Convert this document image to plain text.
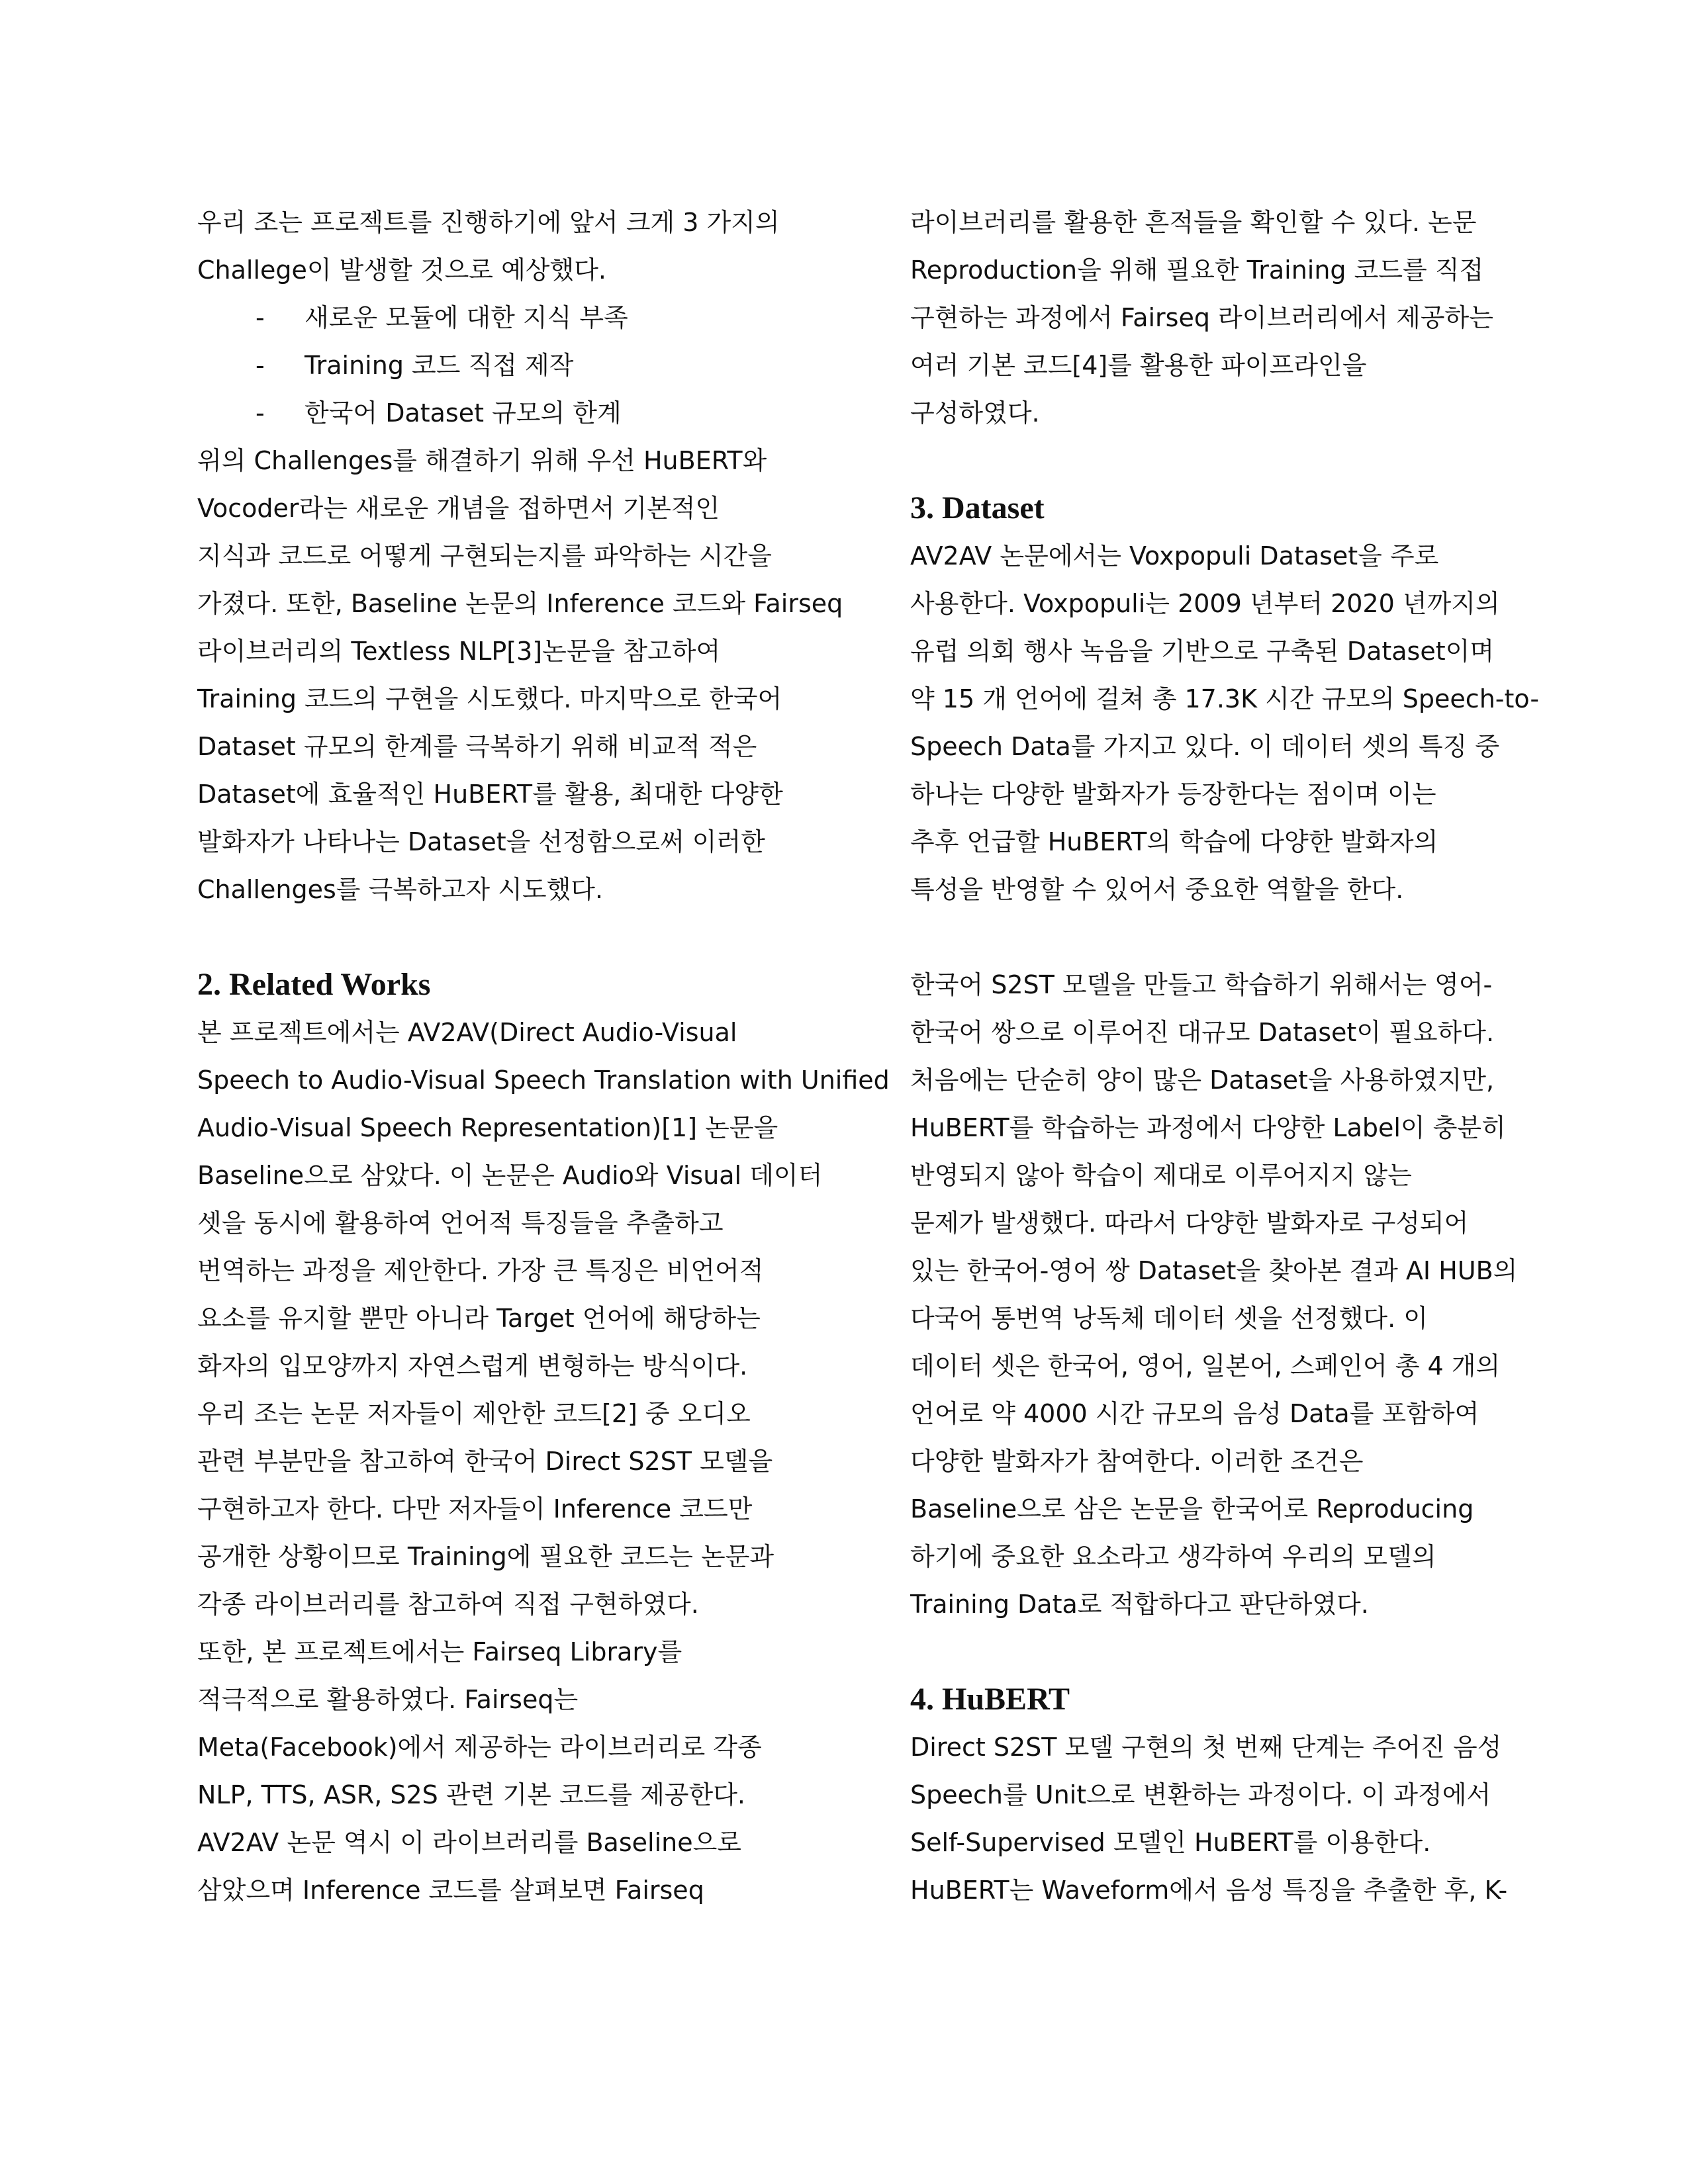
우리 조는 프로젝트를 진행하기에 앞서 크게 3 가지의
Challege이 발생할 것으로 예상했다.
-	새로운 모듈에 대한 지식 부족
-	Training 코드 직접 제작
-	한국어 Dataset 규모의 한계
위의 Challenges를 해결하기 위해 우선 HuBERT와
Vocoder라는 새로운 개념을 접하면서 기본적인
지식과 코드로 어떻게 구현되는지를 파악하는 시간을
가졌다. 또한, Baseline 논문의 Inference 코드와 Fairseq
라이브러리의 Textless NLP[3]논문을 참고하여
Training 코드의 구현을 시도했다. 마지막으로 한국어
Dataset 규모의 한계를 극복하기 위해 비교적 적은
Dataset에 효율적인 HuBERT를 활용, 최대한 다양한
발화자가 나타나는 Dataset을 선정함으로써 이러한
Challenges를 극복하고자 시도했다.
2. Related Works
본 프로젝트에서는 AV2AV(Direct Audio-Visual
Speech to Audio-Visual Speech Translation with Unified
Audio-Visual Speech Representation)[1] 논문을
Baseline으로 삼았다. 이 논문은 Audio와 Visual 데이터
셋을 동시에 활용하여 언어적 특징들을 추출하고
번역하는 과정을 제안한다. 가장 큰 특징은 비언어적
요소를 유지할 뿐만 아니라 Target 언어에 해당하는
화자의 입모양까지 자연스럽게 변형하는 방식이다.
우리 조는 논문 저자들이 제안한 코드[2] 중 오디오
관련 부분만을 참고하여 한국어 Direct S2ST 모델을
구현하고자 한다. 다만 저자들이 Inference 코드만
공개한 상황이므로 Training에 필요한 코드는 논문과
각종 라이브러리를 참고하여 직접 구현하였다.
또한, 본 프로젝트에서는 Fairseq Library를
적극적으로 활용하였다. Fairseq는
Meta(Facebook)에서 제공하는 라이브러리로 각종
NLP, TTS, ASR, S2S 관련 기본 코드를 제공한다.
AV2AV 논문 역시 이 라이브러리를 Baseline으로
삼았으며 Inference 코드를 살펴보면 Fairseq
라이브러리를 활용한 흔적들을 확인할 수 있다. 논문
Reproduction을 위해 필요한 Training 코드를 직접
구현하는 과정에서 Fairseq 라이브러리에서 제공하는
여러 기본 코드[4]를 활용한 파이프라인을
구성하였다.
3. Dataset
AV2AV 논문에서는 Voxpopuli Dataset을 주로
사용한다. Voxpopuli는 2009 년부터 2020 년까지의
유럽 의회 행사 녹음을 기반으로 구축된 Dataset이며
약 15 개 언어에 걸쳐 총 17.3K 시간 규모의 Speech-to-
Speech Data를 가지고 있다. 이 데이터 셋의 특징 중
하나는 다양한 발화자가 등장한다는 점이며 이는
추후 언급할 HuBERT의 학습에 다양한 발화자의
특성을 반영할 수 있어서 중요한 역할을 한다.
한국어 S2ST 모델을 만들고 학습하기 위해서는 영어-
한국어 쌍으로 이루어진 대규모 Dataset이 필요하다.
처음에는 단순히 양이 많은 Dataset을 사용하였지만,
HuBERT를 학습하는 과정에서 다양한 Label이 충분히
반영되지 않아 학습이 제대로 이루어지지 않는
문제가 발생했다. 따라서 다양한 발화자로 구성되어
있는 한국어-영어 쌍 Dataset을 찾아본 결과 AI HUB의
다국어 통번역 낭독체 데이터 셋을 선정했다. 이
데이터 셋은 한국어, 영어, 일본어, 스페인어 총 4 개의
언어로 약 4000 시간 규모의 음성 Data를 포함하여
다양한 발화자가 참여한다. 이러한 조건은
Baseline으로 삼은 논문을 한국어로 Reproducing
하기에 중요한 요소라고 생각하여 우리의 모델의
Training Data로 적합하다고 판단하였다.
4. HuBERT
Direct S2ST 모델 구현의 첫 번째 단계는 주어진 음성
Speech를 Unit으로 변환하는 과정이다. 이 과정에서
Self-Supervised 모델인 HuBERT를 이용한다.
HuBERT는 Waveform에서 음성 특징을 추출한 후, K-
